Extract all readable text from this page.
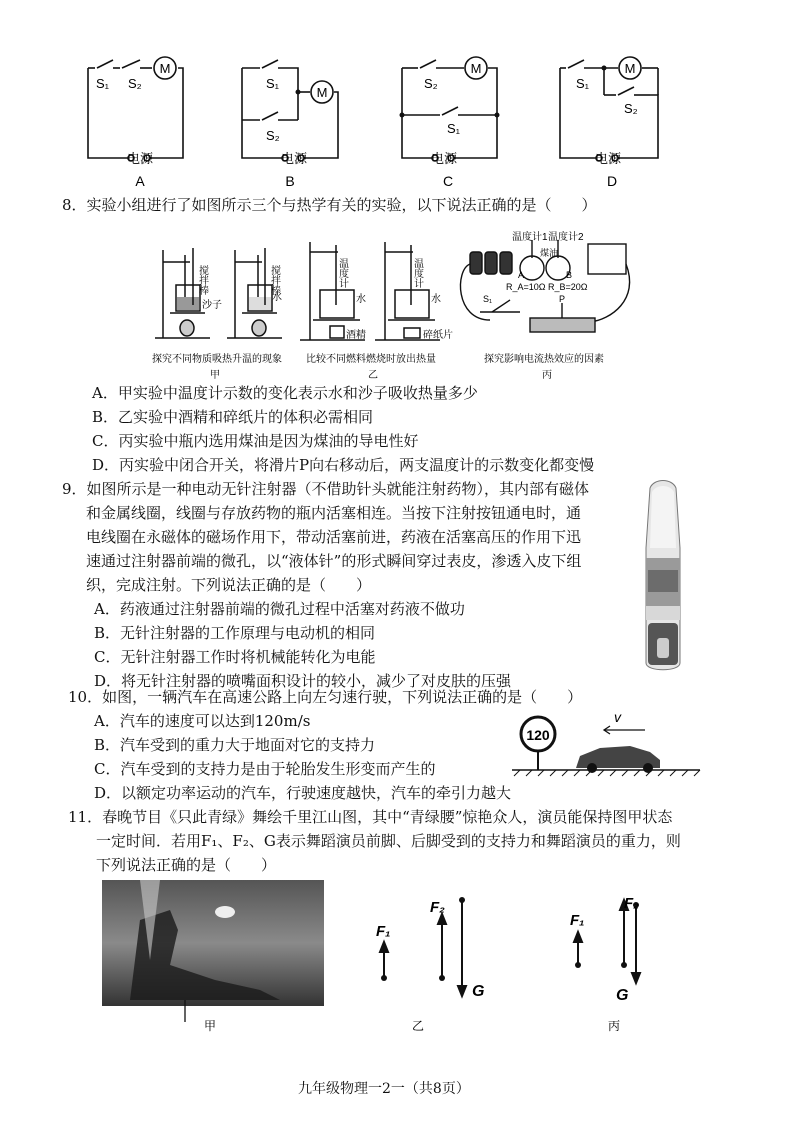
M
S₁ S₂
电源
A
M
S₁
S₂
电源
B
M
S₂
S₁
电源
C
M
S₁
S₂
电源
D
8．实验小组进行了如图所示三个与热学有关的实验，以下说法正确的是（　　）
搅拌棒
沙子
搅拌棒
水
温度计
水
酒精
温度计
水
碎纸片
温度计1 温度计2
煤油
A	B
R_A=10Ω R_B=20Ω
S₁	P
探究不同物质吸热升温的现象 比较不同燃料燃烧时放出热量	探究影响电流热效应的因素
甲	乙	丙
A．甲实验中温度计示数的变化表示水和沙子吸收热量多少
B．乙实验中酒精和碎纸片的体积必需相同
C．丙实验中瓶内选用煤油是因为煤油的导电性好
D．丙实验中闭合开关，将滑片P向右移动后，两支温度计的示数变化都变慢
9．如图所示是一种电动无针注射器（不借助针头就能注射药物），其内部有磁体
和金属线圈，线圈与存放药物的瓶内活塞相连。当按下注射按钮通电时，通
电线圈在永磁体的磁场作用下，带动活塞前进，药液在活塞高压的作用下迅
速通过注射器前端的微孔，以“液体针”的形式瞬间穿过表皮，渗透入皮下组
织，完成注射。下列说法正确的是（　　）
A．药液通过注射器前端的微孔过程中活塞对药液不做功
B．无针注射器的工作原理与电动机的相同
C．无针注射器工作时将机械能转化为电能
D．将无针注射器的喷嘴面积设计的较小，减少了对皮肤的压强
10．如图，一辆汽车在高速公路上向左匀速行驶，下列说法正确的是（　　）
A．汽车的速度可以达到120m/s
B．汽车受到的重力大于地面对它的支持力
C．汽车受到的支持力是由于轮胎发生形变而产生的
D．以额定功率运动的汽车，行驶速度越快，汽车的牵引力越大
120
v
11．春晚节目《只此青绿》舞绘千里江山图，其中“青绿腰”惊艳众人，演员能保持图甲状态
一定时间．若用F₁、F₂、G表示舞蹈演员前脚、后脚受到的支持力和舞蹈演员的重力，则
下列说法正确的是（　　）
甲
F₁
F₂
G
乙
F₁
F₂
G
丙
九年级物理一2一（共8页）
